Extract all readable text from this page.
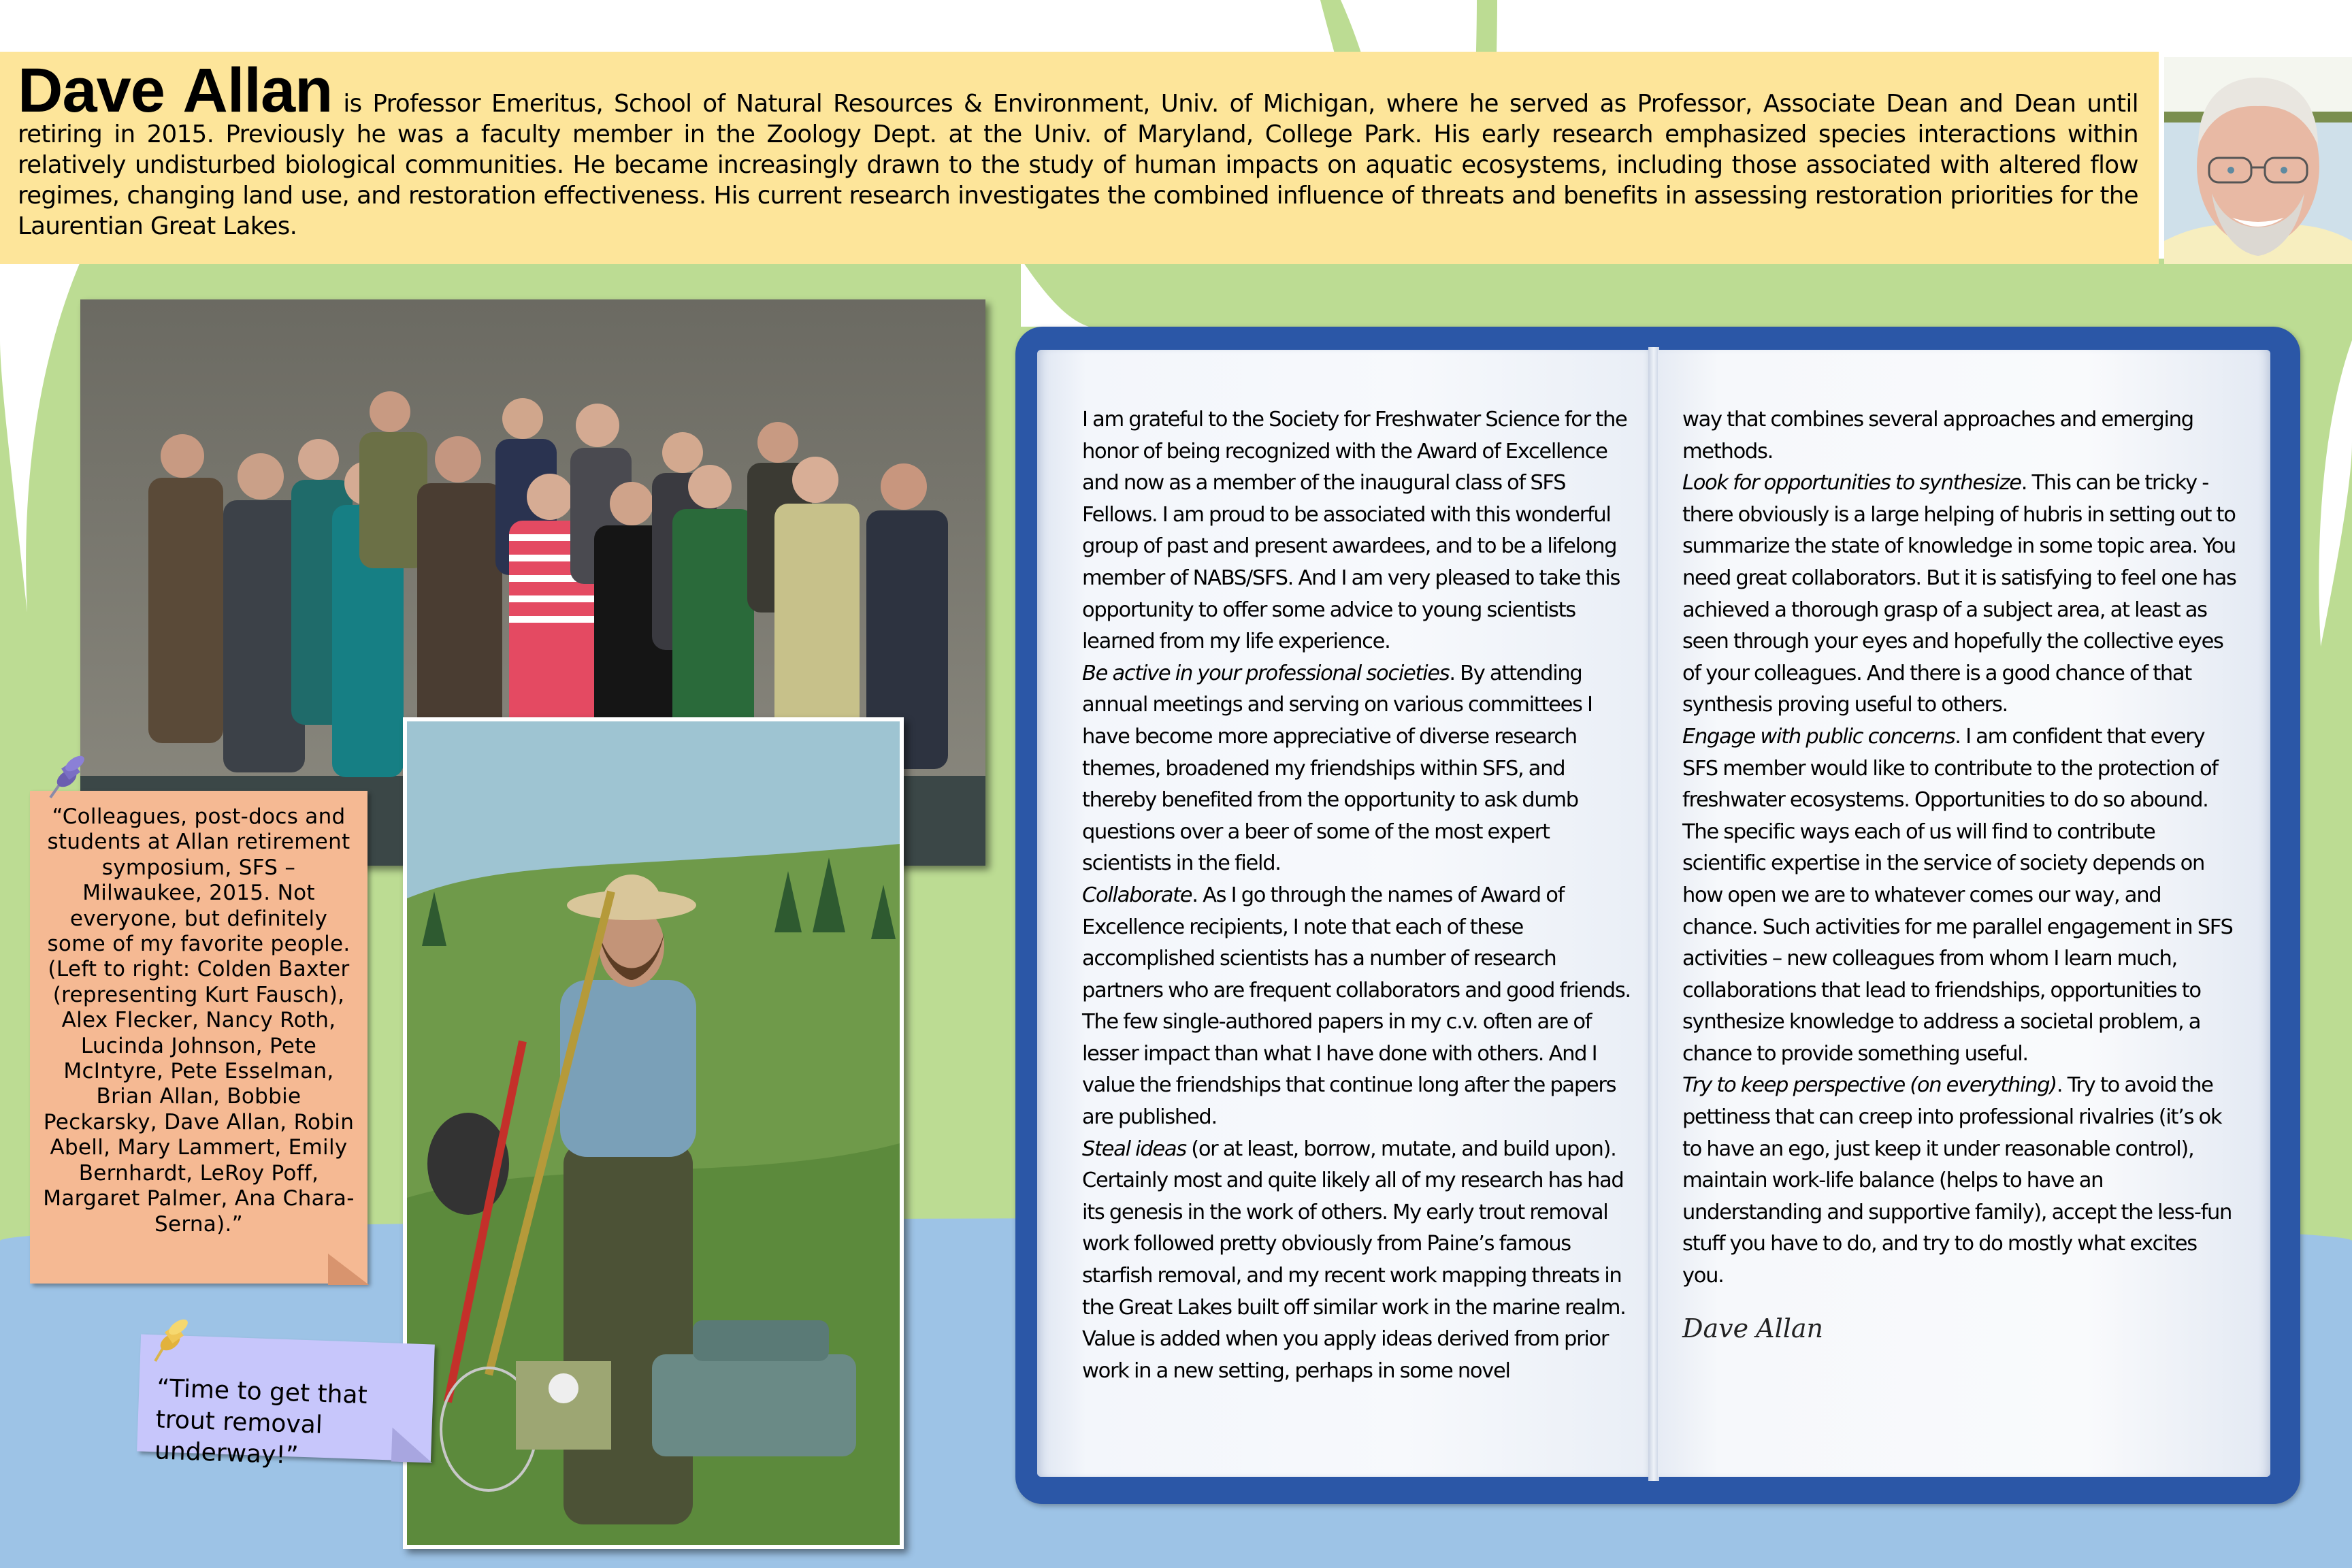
Dave Allan is Professor Emeritus, School of Natural Resources & Environment, Univ. of Michigan, where he served as Professor, Associate Dean and Dean until retiring in 2015. Previously he was a faculty member in the Zoology Dept. at the Univ. of Maryland, College Park. His early research emphasized species interactions within relatively undisturbed biological communities. He became increasingly drawn to the study of human impacts on aquatic ecosystems, including those associated with altered flow regimes, changing land use, and restoration effectiveness. His current research investigates the combined influence of threats and benefits in assessing restoration priorities for the Laurentian Great Lakes.
“Colleagues, post-docs and students at Allan retirement symposium, SFS – Milwaukee, 2015. Not everyone, but definitely some of my favorite people. (Left to right: Colden Baxter (representing Kurt Fausch), Alex Flecker, Nancy Roth, Lucinda Johnson, Pete McIntyre, Pete Esselman, Brian Allan, Bobbie Peckarsky, Dave Allan, Robin Abell, Mary Lammert, Emily Bernhardt, LeRoy Poff, Margaret Palmer, Ana Chara-Serna).”
“Time to get that trout removal underway!”

I am grateful to the Society for Freshwater Science for the honor of being recognized with the Award of Excellence and now as a member of the inaugural class of SFS Fellows. I am proud to be associated with this wonderful group of past and present awardees, and to be a lifelong member of NABS/SFS. And I am very pleased to take this opportunity to offer some advice to young scientists learned from my life experience.

Be active in your professional societies. By attending annual meetings and serving on various committees I have become more appreciative of diverse research themes, broadened my friendships within SFS, and thereby benefited from the opportunity to ask dumb questions over a beer of some of the most expert scientists in the field.

Collaborate. As I go through the names of Award of Excellence recipients, I note that each of these accomplished scientists has a number of research partners who are frequent collaborators and good friends. The few single-authored papers in my c.v. often are of lesser impact than what I have done with others. And I value the friendships that continue long after the papers are published.

Steal ideas (or at least, borrow, mutate, and build upon). Certainly most and quite likely all of my research has had its genesis in the work of others. My early trout removal work followed pretty obviously from Paine’s famous starfish removal, and my recent work mapping threats in the Great Lakes built off similar work in the marine realm. Value is added when you apply ideas derived from prior work in a new setting, perhaps in some novel

way that combines several approaches and emerging methods.

Look for opportunities to synthesize. This can be tricky - there obviously is a large helping of hubris in setting out to summarize the state of knowledge in some topic area. You need great collaborators. But it is satisfying to feel one has achieved a thorough grasp of a subject area, at least as seen through your eyes and hopefully the collective eyes of your colleagues. And there is a good chance of that synthesis proving useful to others.

Engage with public concerns. I am confident that every SFS member would like to contribute to the protection of freshwater ecosystems. Opportunities to do so abound. The specific ways each of us will find to contribute scientific expertise in the service of society depends on how open we are to whatever comes our way, and chance. Such activities for me parallel engagement in SFS activities – new colleagues from whom I learn much, collaborations that lead to friendships, opportunities to synthesize knowledge to address a societal problem, a chance to provide something useful.

Try to keep perspective (on everything). Try to avoid the pettiness that can creep into professional rivalries (it’s ok to have an ego, just keep it under reasonable control), maintain work-life balance (helps to have an understanding and supportive family), accept the less-fun stuff you have to do, and try to do mostly what excites you.

Dave Allan
